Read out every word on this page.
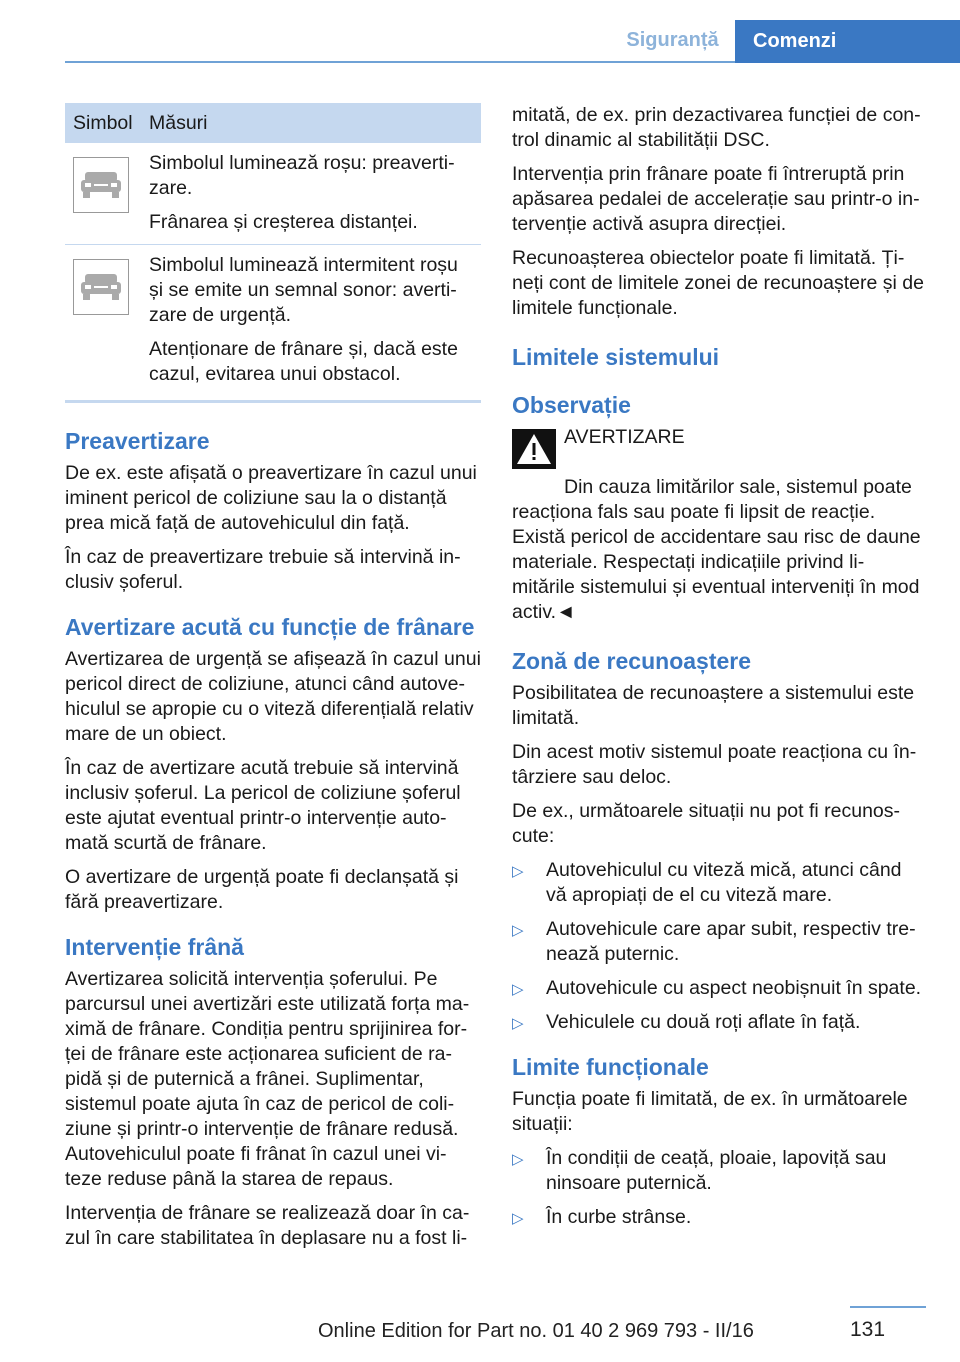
Siguranță	Comenzi
Simbol	Măsuri

Simbolul luminează roșu: preaverti-zare.

Frânarea și creșterea distanței.

Simbolul luminează intermitent roșu și se emite un semnal sonor: averti-zare de urgență.

Atenționare de frânare și, dacă este cazul, evitarea unui obstacol.

Preavertizare

De ex. este afișată o preavertizare în cazul unui iminent pericol de coliziune sau la o distanță prea mică față de autovehiculul din față.

În caz de preavertizare trebuie să intervină in-clusiv șoferul.

Avertizare acută cu funcție de frânare

Avertizarea de urgență se afișează în cazul unui pericol direct de coliziune, atunci când autove-hiculul se apropie cu o viteză diferențială relativ mare de un obiect.

În caz de avertizare acută trebuie să intervină inclusiv șoferul. La pericol de coliziune șoferul este ajutat eventual printr-o intervenție auto-mată scurtă de frânare.

O avertizare de urgență poate fi declanșată și fără preavertizare.

Intervenție frână

Avertizarea solicită intervenția șoferului. Pe parcursul unei avertizări este utilizată forța ma-ximă de frânare. Condiția pentru sprijinirea for-ței de frânare este acționarea suficient de ra-pidă și de puternică a frânei. Suplimentar, sistemul poate ajuta în caz de pericol de coli-ziune și printr-o intervenție de frânare redusă. Autovehiculul poate fi frânat în cazul unei vi-teze reduse până la starea de repaus.

Intervenția de frânare se realizează doar în ca-zul în care stabilitatea în deplasare nu a fost li-

mitată, de ex. prin dezactivarea funcției de con-trol dinamic al stabilității DSC.

Intervenția prin frânare poate fi întreruptă prin apăsarea pedalei de accelerație sau printr-o in-tervenție activă asupra direcției.

Recunoașterea obiectelor poate fi limitată. Ți-neți cont de limitele zonei de recunoaștere și de limitele funcționale.

Limitele sistemului
Observație
AVERTIZARE

Din cauza limitărilor sale, sistemul poate reacționa fals sau poate fi lipsit de reacție. Există pericol de accidentare sau risc de daune materiale. Respectați indicațiile privind li-mitările sistemului și eventual interveniți în mod activ.◄

Zonă de recunoaștere

Posibilitatea de recunoaștere a sistemului este limitată.

Din acest motiv sistemul poate reacționa cu în-târziere sau deloc.

De ex., următoarele situații nu pot fi recunos-cute:

▷ Autovehiculul cu viteză mică, atunci când vă apropiați de el cu viteză mare.
▷ Autovehicule care apar subit, respectiv tre-nează puternic.
▷ Autovehicule cu aspect neobișnuit în spate.
▷ Vehiculele cu două roți aflate în față.
Limite funcționale

Funcția poate fi limitată, de ex. în următoarele situații:

▷ În condiții de ceață, ploaie, lapoviță sau ninsoare puternică.
▷ În curbe strânse.
Online Edition for Part no. 01 40 2 969 793 - II/16	131
